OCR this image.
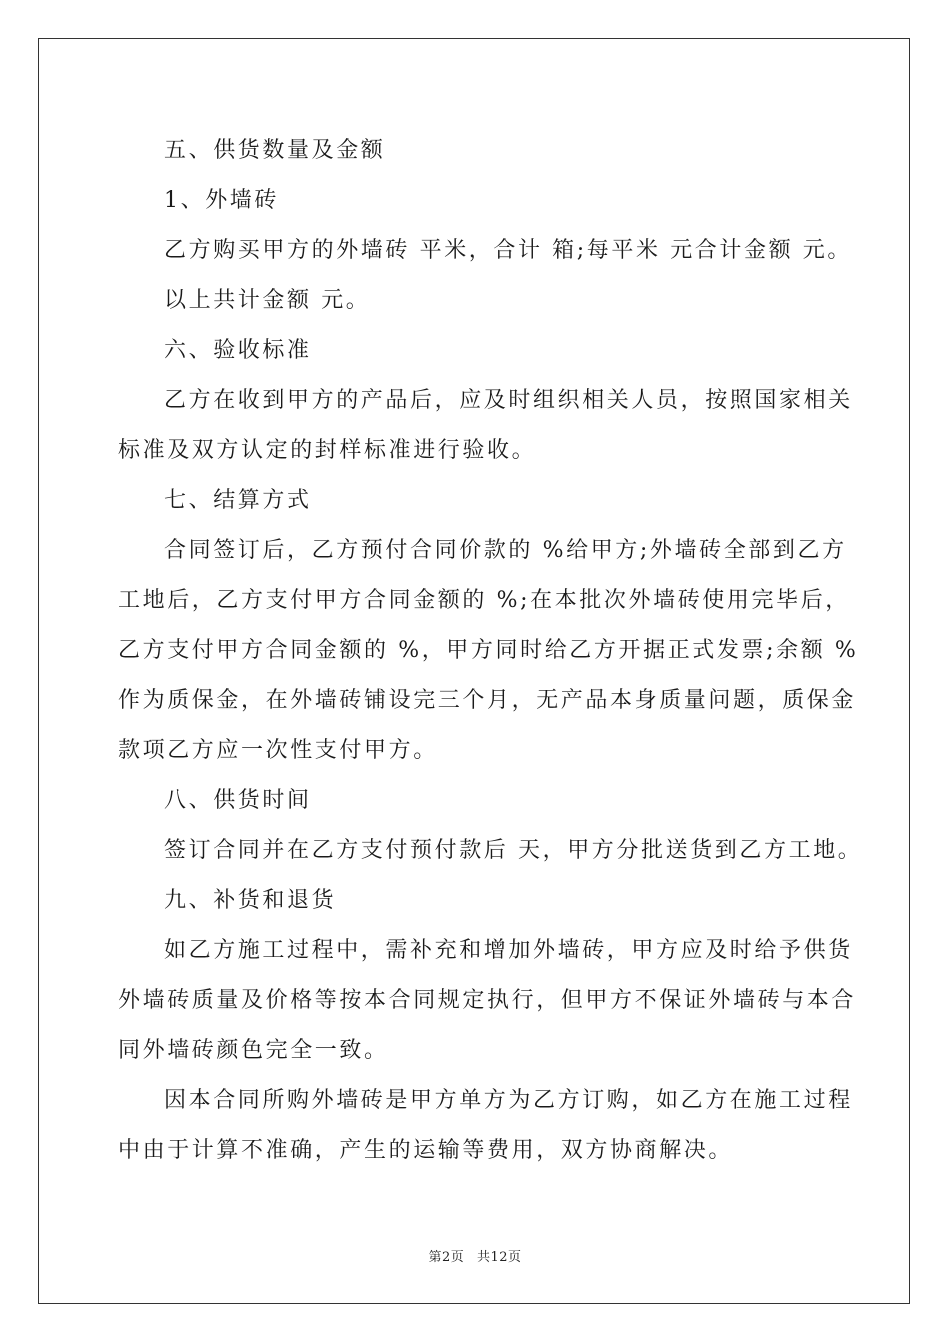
五、供货数量及金额
1、外墙砖
乙方购买甲方的外墙砖 平米，合计 箱;每平米 元合计金额 元。
以上共计金额 元。
六、验收标准
乙方在收到甲方的产品后，应及时组织相关人员，按照国家相关
标准及双方认定的封样标准进行验收。
七、结算方式
合同签订后，乙方预付合同价款的 %给甲方;外墙砖全部到乙方
工地后，乙方支付甲方合同金额的 %;在本批次外墙砖使用完毕后，
乙方支付甲方合同金额的 %，甲方同时给乙方开据正式发票;余额 %
作为质保金，在外墙砖铺设完三个月，无产品本身质量问题，质保金
款项乙方应一次性支付甲方。
八、供货时间
签订合同并在乙方支付预付款后 天，甲方分批送货到乙方工地。
九、补货和退货
如乙方施工过程中，需补充和增加外墙砖，甲方应及时给予供货
外墙砖质量及价格等按本合同规定执行，但甲方不保证外墙砖与本合
同外墙砖颜色完全一致。
因本合同所购外墙砖是甲方单方为乙方订购，如乙方在施工过程
中由于计算不准确，产生的运输等费用，双方协商解决。
第2页 共12页
